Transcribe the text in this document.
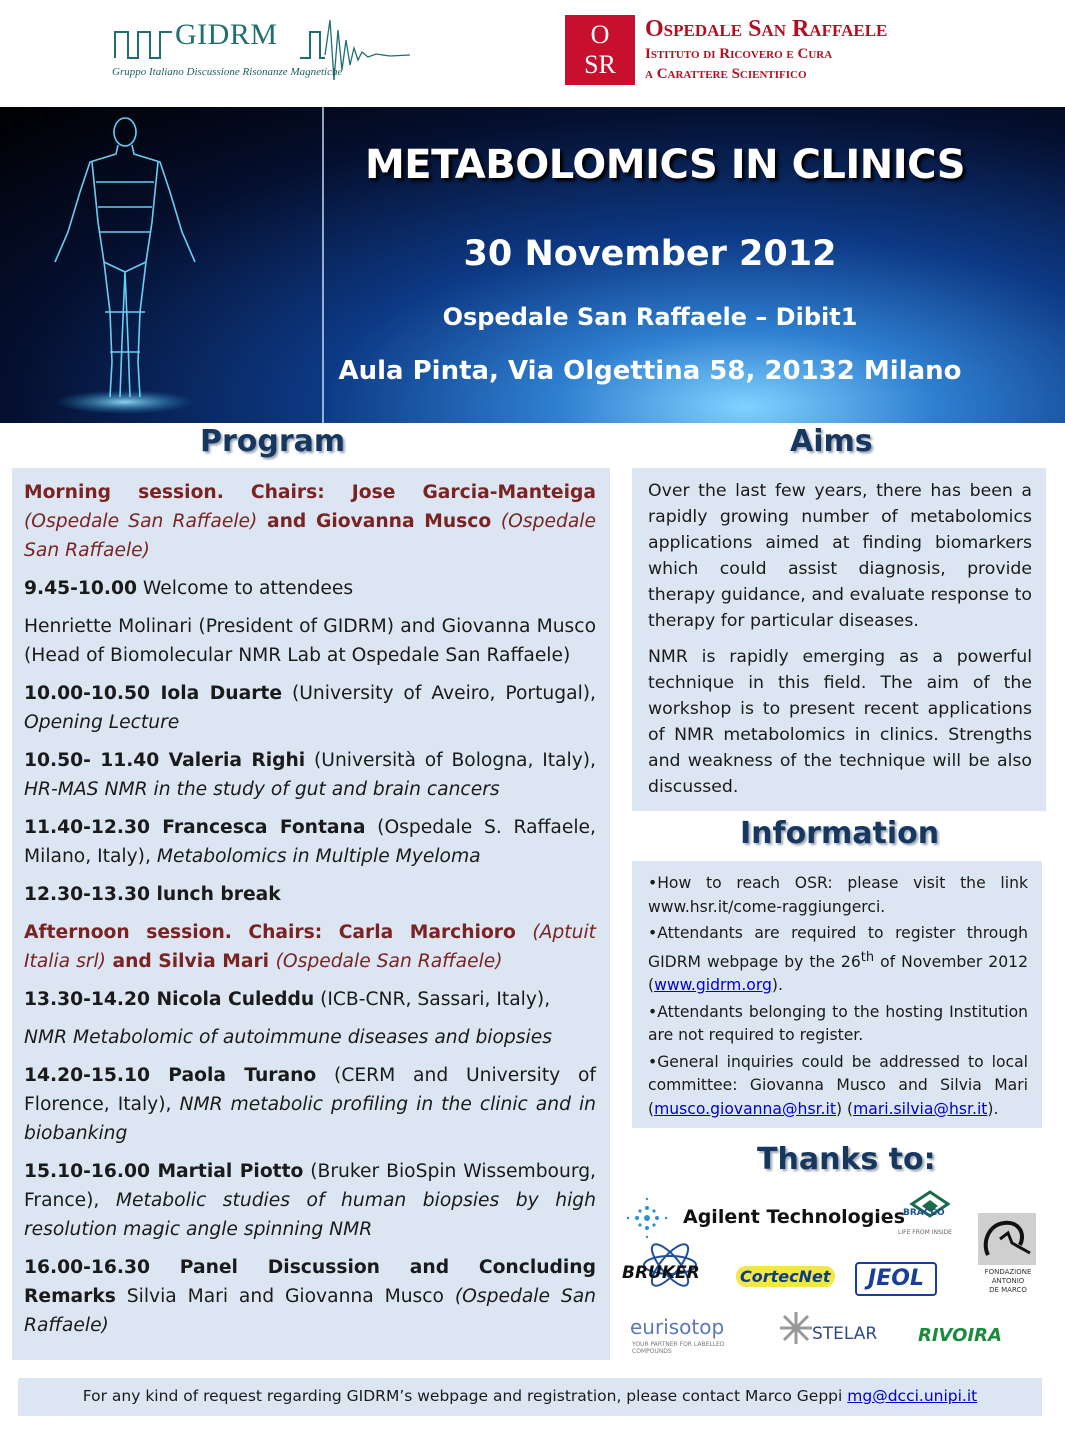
GIDRM
Gruppo Italiano Discussione Risonanze Magnetiche
O
SR
Ospedale San Raffaele
Istituto di Ricovero e Cura
a Carattere Scientifico
METABOLOMICS IN CLINICS
30 November 2012
Ospedale San Raffaele – Dibit1
Aula Pinta, Via Olgettina 58, 20132 Milano
Program	Aims
Information
Thanks to:

Morning session. Chairs: Jose Garcia-Manteiga (Ospedale San Raffaele) and Giovanna Musco (Ospedale San Raffaele)

9.45-10.00 Welcome to attendees

Henriette Molinari (President of GIDRM) and Giovanna Musco (Head of Biomolecular NMR Lab at Ospedale San Raffaele)

10.00-10.50 Iola Duarte (University of Aveiro, Portugal), Opening Lecture

10.50- 11.40 Valeria Righi (Università of Bologna, Italy), HR-MAS NMR in the study of gut and brain cancers

11.40-12.30 Francesca Fontana (Ospedale S. Raffaele, Milano, Italy), Metabolomics in Multiple Myeloma

12.30-13.30 lunch break

Afternoon session. Chairs: Carla Marchioro (Aptuit Italia srl) and Silvia Mari (Ospedale San Raffaele)

13.30-14.20 Nicola Culeddu (ICB-CNR, Sassari, Italy),

NMR Metabolomic of autoimmune diseases and biopsies

14.20-15.10 Paola Turano (CERM and University of Florence, Italy), NMR metabolic profiling in the clinic and in biobanking

15.10-16.00 Martial Piotto (Bruker BioSpin Wissembourg, France), Metabolic studies of human biopsies by high resolution magic angle spinning NMR

16.00-16.30 Panel Discussion and Concluding Remarks Silvia Mari and Giovanna Musco (Ospedale San Raffaele)

Over the last few years, there has been a rapidly growing number of metabolomics applications aimed at finding biomarkers which could assist diagnosis, provide therapy guidance, and evaluate response to therapy for particular diseases.

NMR is rapidly emerging as a powerful technique in this field. The aim of the workshop is to present recent applications of NMR metabolomics in clinics. Strengths and weakness of the technique will be also discussed.

•How to reach OSR: please visit the link www.hsr.it/come-raggiungerci.

•Attendants are required to register through GIDRM webpage by the 26th of November 2012 (www.gidrm.org).

•Attendants belonging to the hosting Institution are not required to register.

•General inquiries could be addressed to local committee: Giovanna Musco and Silvia Mari (musco.giovanna@hsr.it) (mari.silvia@hsr.it).

Agilent Technologies
BRACCO
LIFE FROM INSIDE
FONDAZIONE
ANTONIO
DE MARCO
BRUKER	CortecNet	JEOL
eurisotop
YOUR PARTNER FOR LABELLED COMPOUNDS
STELAR RIVOIRA
For any kind of request regarding GIDRM’s webpage and registration, please contact Marco Geppi mg@dcci.unipi.it
